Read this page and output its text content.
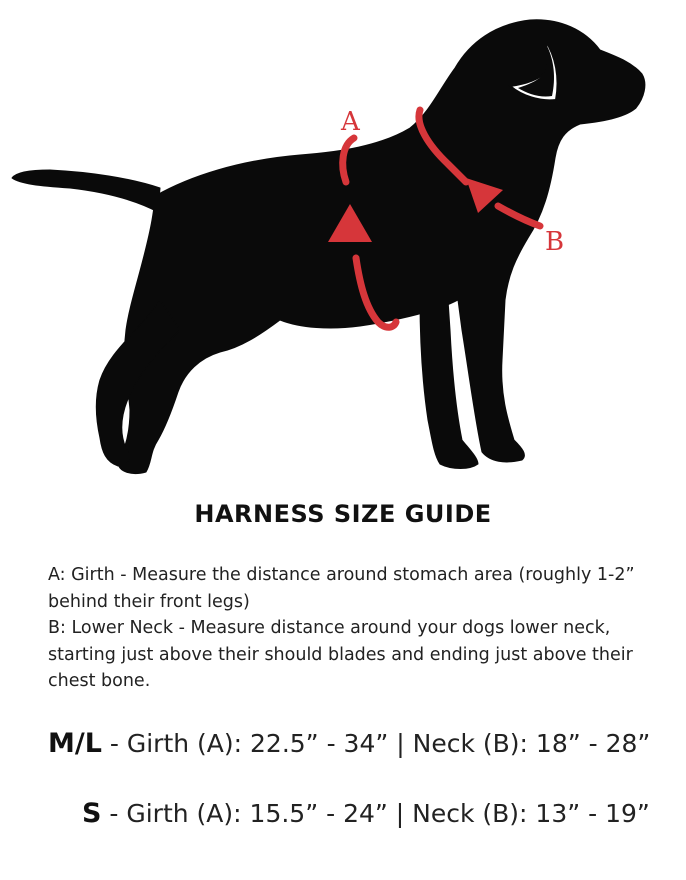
A
B
HARNESS SIZE GUIDE

A: Girth - Measure the distance around stomach area (roughly 1-2” behind their front legs)

B: Lower Neck - Measure distance around your dogs lower neck, starting just above their should blades and ending just above their chest bone.

M/L - Girth (A): 22.5” - 34” | Neck (B): 18” - 28”
S - Girth (A): 15.5” - 24” | Neck (B): 13” - 19”
